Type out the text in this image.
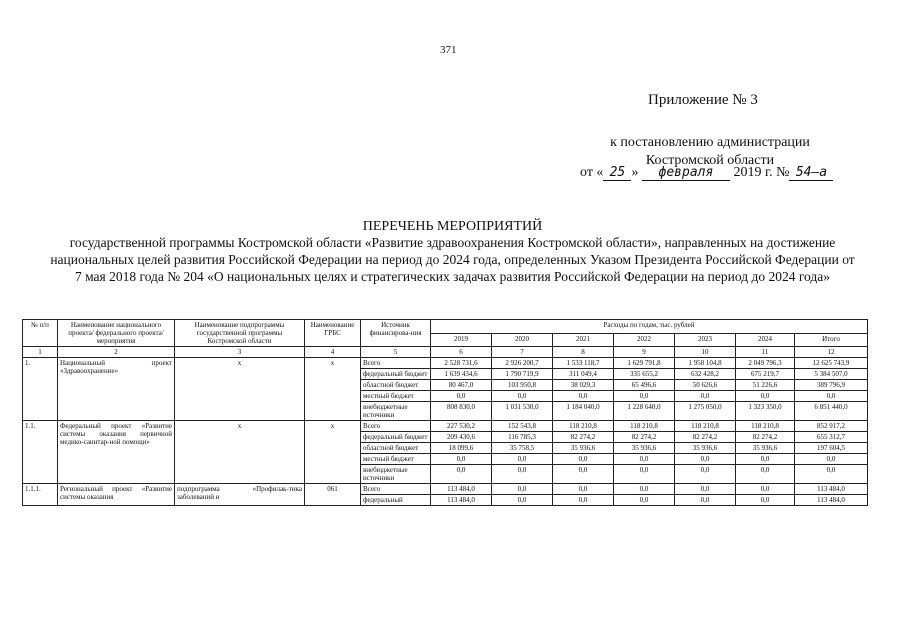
371
Приложение № 3
к постановлению администрации
Костромской области
от « 25 » февраля 2019 г. № 54–а
ПЕРЕЧЕНЬ МЕРОПРИЯТИЙ
государственной программы Костромской области «Развитие здравоохранения Костромской области», направленных на достижение национальных целей развития Российской Федерации на период до 2024 года, определенных Указом Президента Российской Федерации от 7 мая 2018 года № 204 «О национальных целях и стратегических задачах развития Российской Федерации на период до 2024 года»
№ п/п	Наименование национального проекта/ федерального проекта/ мероприятия	Наименование подпрограммы государственной программы Костромской области	Наименование ГРБС	Источник финансирова-ния	Расходы по годам, тыс. рублей						
					2019	2020	2021	2022	2023	2024	Итого
1	2	3	4	5	6	7	8	9	10	11	12
1.	Национальный проект «Здравоохранение»	х	х	Всего	2 528 731,6	2 926 200,7	1 533 118,7	1 629 791,8	1 958 104,8	2 049 796,3	12 625 743,9
				федеральный бюджет	1 639 434,6	1 790 719,9	311 049,4	335 655,2	632 428,2	675 219,7	5 384 507,0
				областной бюджет	80 467,0	103 950,8	38 029,3	65 496,6	50 626,6	51 226,6	389 796,9
				местный бюджет	0,0	0,0	0,0	0,0	0,0	0,0	0,0
				внебюджетные источники	808 830,0	1 031 530,0	1 184 040,0	1 228 640,0	1 275 050,0	1 323 350,0	6 851 440,0
1.1.	Федеральный проект «Развитие системы оказания первичной медико-санитар-ной помощи»	х	х	Всего	227 530,2	152 543,8	118 210,8	118 210,8	118 210,8	118 210,8	852 917,2
				федеральный бюджет	209 430,6	116 785,3	82 274,2	82 274,2	82 274,2	82 274,2	655 312,7
				областной бюджет	18 099,6	35 758,5	35 936,6	35 936,6	35 936,6	35 936,6	197 604,5
				местный бюджет	0,0	0,0	0,0	0,0	0,0	0,0	0,0
				внебюджетные источники	0,0	0,0	0,0	0,0	0,0	0,0	0,0
1.1.1.	Региональный проект «Развитие системы оказания	подпрограмма «Профилак-тика заболеваний и	061	Всего	113 484,0	0,0	0,0	0,0	0,0	0,0	113 484,0
				федеральный	113 484,0	0,0	0,0	0,0	0,0	0,0	113 484,0
